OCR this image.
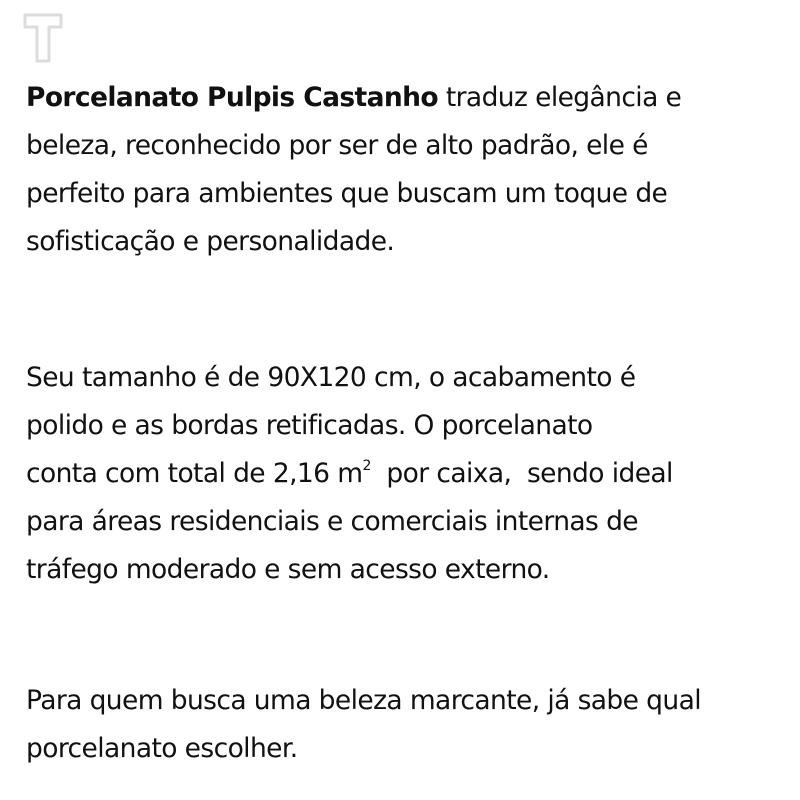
Porcelanato Pulpis Castanho traduz elegância e
beleza, reconhecido por ser de alto padrão, ele é
perfeito para ambientes que buscam um toque de
sofisticação e personalidade.
Seu tamanho é de 90X120 cm, o acabamento é
polido e as bordas retificadas. O porcelanato
conta com total de 2,16 $m^2$  por caixa,  sendo ideal
para áreas residenciais e comerciais internas de
tráfego moderado e sem acesso externo.
Para quem busca uma beleza marcante, já sabe qual
porcelanato escolher.
